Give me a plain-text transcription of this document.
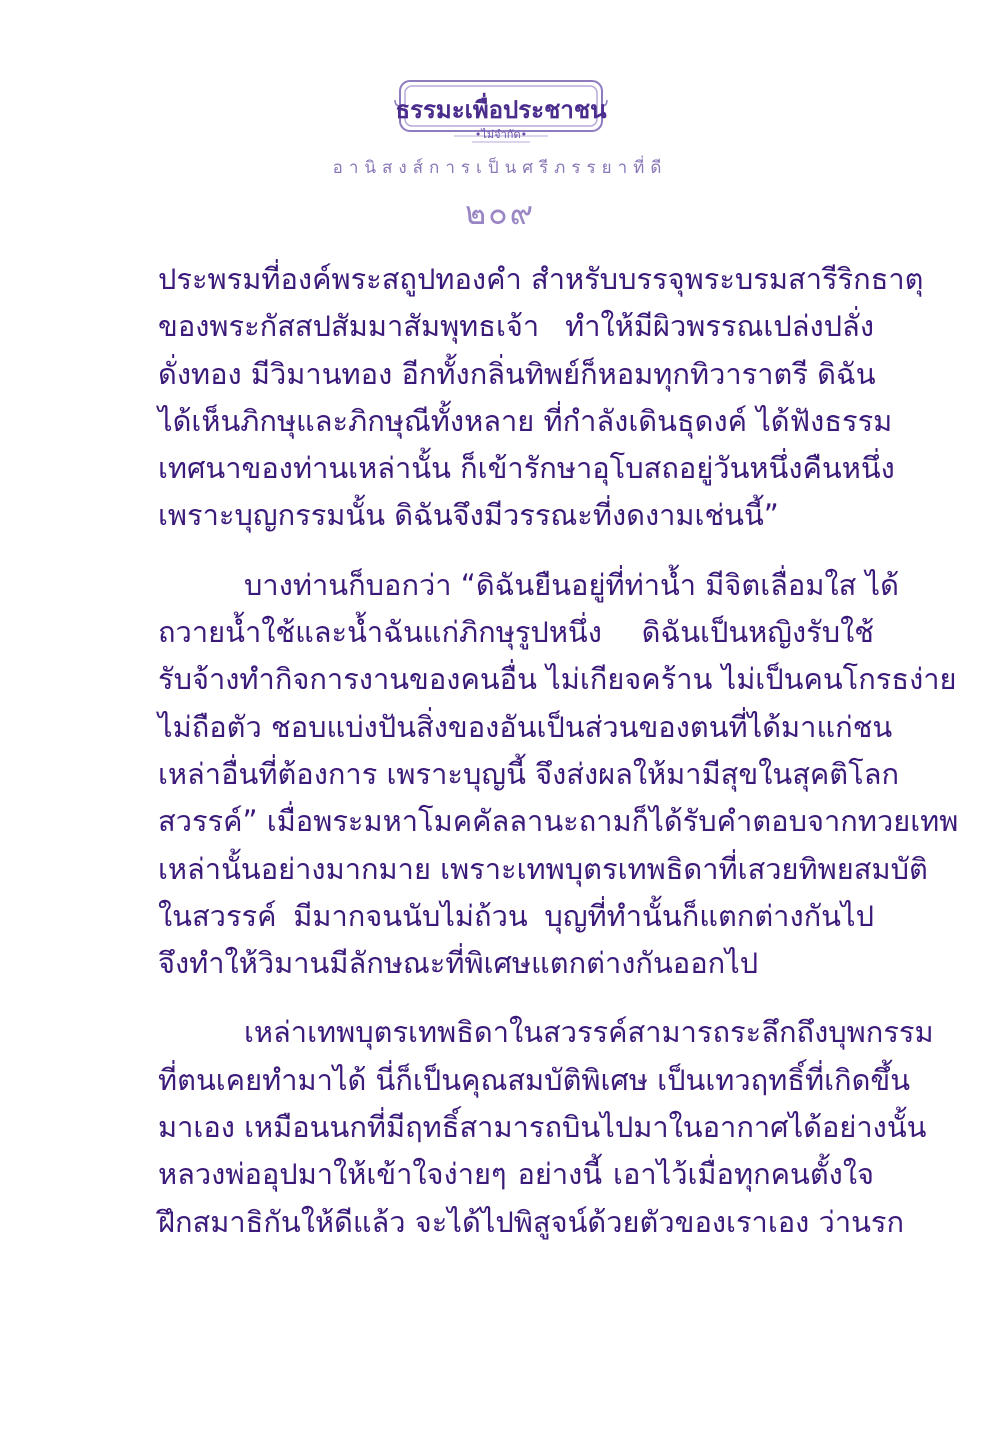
ธรรมะเพื่อประชาชน
•ไม่จํากัด•
อานิสงส์การเป็นศรีภรรยาที่ดี
๒๐๙
ประพรมที่องค์พระสถูปทองคำ สำหรับบรรจุพระบรมสารีริกธาตุ
ของพระกัสสปสัมมาสัมพุทธเจ้า ทำให้มีผิวพรรณเปล่งปลั่ง
ดั่งทอง มีวิมานทอง อีกทั้งกลิ่นทิพย์ก็หอมทุกทิวาราตรี ดิฉัน
ได้เห็นภิกษุและภิกษุณีทั้งหลาย ที่กำลังเดินธุดงค์ ได้ฟังธรรม
เทศนาของท่านเหล่านั้น ก็เข้ารักษาอุโบสถอยู่วันหนึ่งคืนหนึ่ง
เพราะบุญกรรมนั้น ดิฉันจึงมีวรรณะที่งดงามเช่นนี้”
บางท่านก็บอกว่า “ดิฉันยืนอยู่ที่ท่าน้ำ มีจิตเลื่อมใส ได้
ถวายน้ำใช้และน้ำฉันแก่ภิกษุรูปหนึ่ง ดิฉันเป็นหญิงรับใช้
รับจ้างทำกิจการงานของคนอื่น ไม่เกียจคร้าน ไม่เป็นคนโกรธง่าย
ไม่ถือตัว ชอบแบ่งปันสิ่งของอันเป็นส่วนของตนที่ได้มาแก่ชน
เหล่าอื่นที่ต้องการ เพราะบุญนี้ จึงส่งผลให้มามีสุขในสุคติโลก
สวรรค์” เมื่อพระมหาโมคคัลลานะถามก็ได้รับคำตอบจากทวยเทพ
เหล่านั้นอย่างมากมาย เพราะเทพบุตรเทพธิดาที่เสวยทิพยสมบัติ
ในสวรรค์ มีมากจนนับไม่ถ้วน บุญที่ทำนั้นก็แตกต่างกันไป
จึงทำให้วิมานมีลักษณะที่พิเศษแตกต่างกันออกไป
เหล่าเทพบุตรเทพธิดาในสวรรค์สามารถระลึกถึงบุพกรรม
ที่ตนเคยทำมาได้ นี่ก็เป็นคุณสมบัติพิเศษ เป็นเทวฤทธิ์ที่เกิดขึ้น
มาเอง เหมือนนกที่มีฤทธิ์สามารถบินไปมาในอากาศได้อย่างนั้น
หลวงพ่ออุปมาให้เข้าใจง่ายๆ อย่างนี้ เอาไว้เมื่อทุกคนตั้งใจ
ฝึกสมาธิกันให้ดีแล้ว จะได้ไปพิสูจน์ด้วยตัวของเราเอง ว่านรก
